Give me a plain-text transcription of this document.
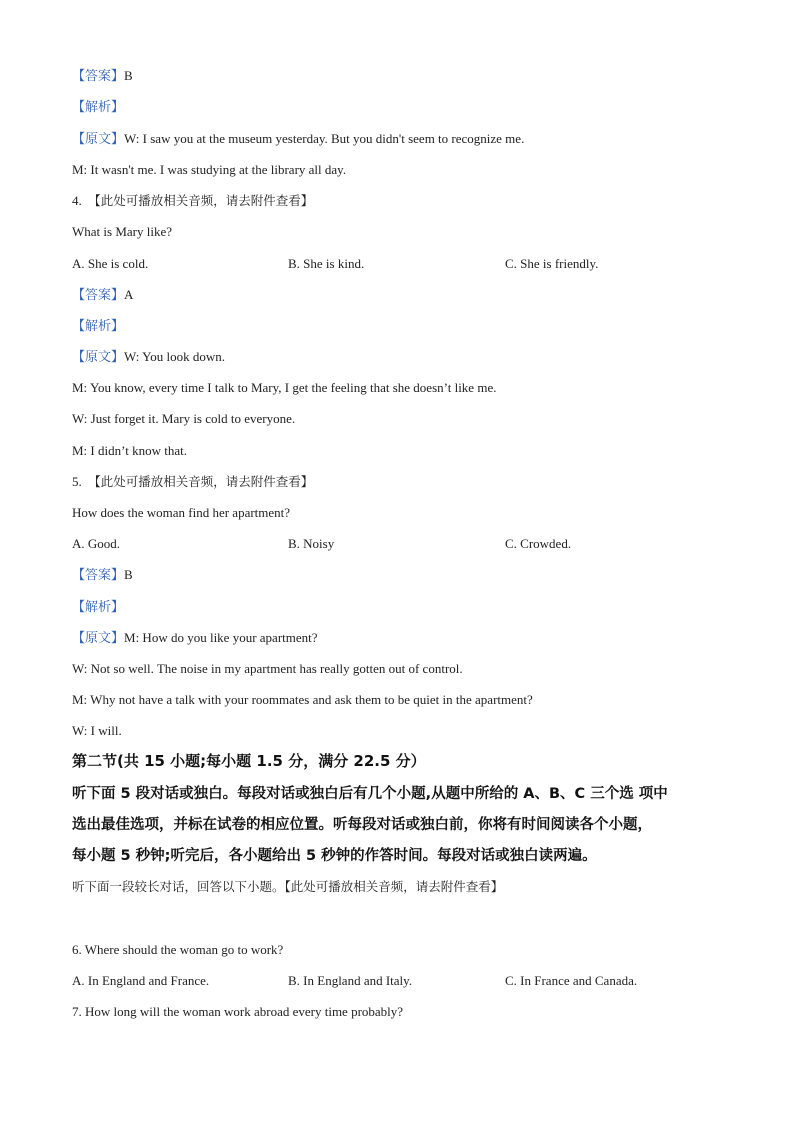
【答案】B
【解析】
【原文】W: I saw you at the museum yesterday. But you didn't seem to recognize me.
M: It wasn't me. I was studying at the library all day.
4. 【此处可播放相关音频，请去附件查看】
What is Mary like?
A. She is cold.	B. She is kind.	C. She is friendly.
【答案】A
【解析】
【原文】W: You look down.
M: You know, every time I talk to Mary, I get the feeling that she doesn’t like me.
W: Just forget it. Mary is cold to everyone.
M: I didn’t know that.
5. 【此处可播放相关音频，请去附件查看】
How does the woman find her apartment?
A. Good.	B. Noisy	C. Crowded.
【答案】B
【解析】
【原文】M: How do you like your apartment?
W: Not so well. The noise in my apartment has really gotten out of control.
M: Why not have a talk with your roommates and ask them to be quiet in the apartment?
W: I will.
第二节(共 15 小题;每小题 1.5 分，满分 22.5 分）
听下面 5 段对话或独白。每段对话或独白后有几个小题,从题中所给的 A、B、C 三个选 项中
选出最佳选项，并标在试卷的相应位置。听每段对话或独白前，你将有时间阅读各个小题，
每小题 5 秒钟;听完后，各小题给出 5 秒钟的作答时间。每段对话或独白读两遍。
听下面一段较长对话，回答以下小题。【此处可播放相关音频，请去附件查看】
6. Where should the woman go to work?
A. In England and France.	B. In England and Italy.	C. In France and Canada.
7. How long will the woman work abroad every time probably?
